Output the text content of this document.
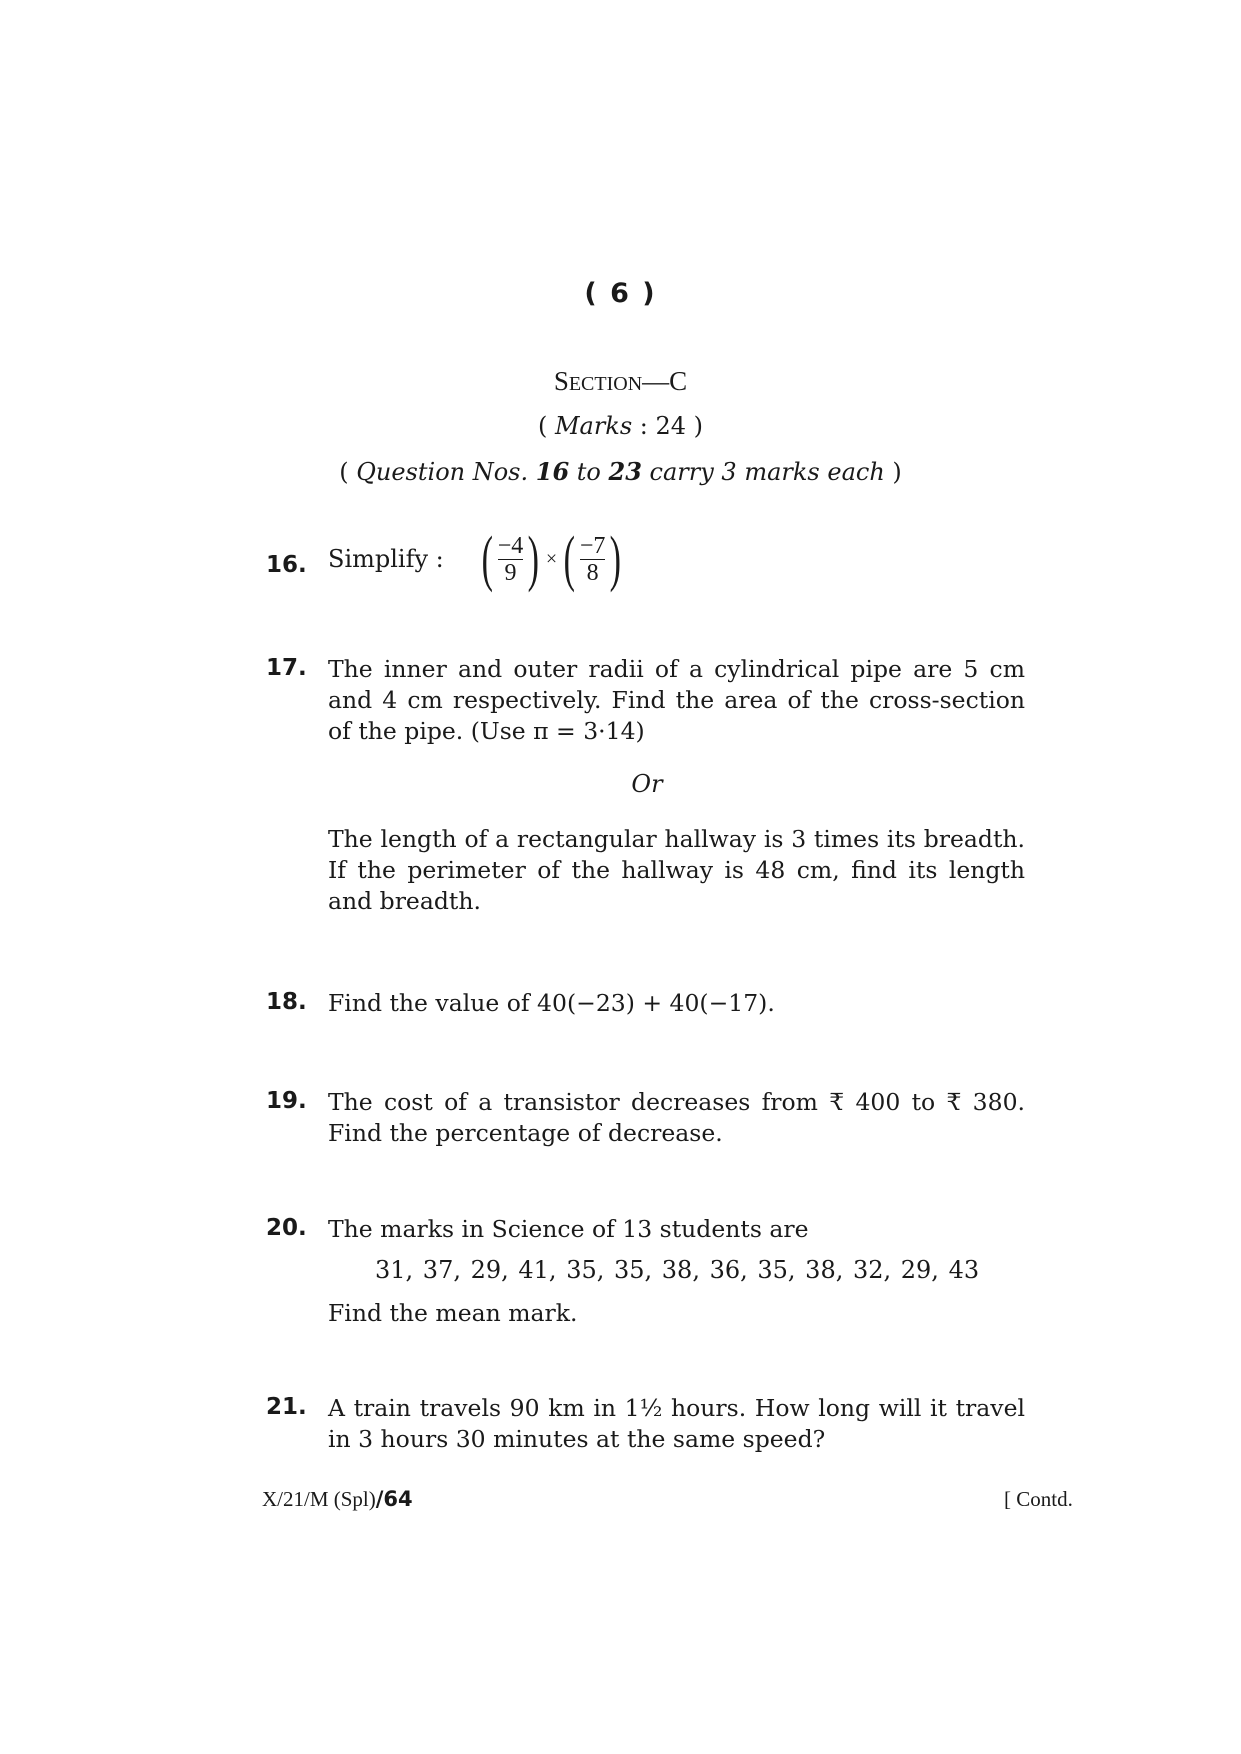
( 6 )
SECTION—C
( Marks : 24 )
( Question Nos. 16 to 23 carry 3 marks each )
16. Simplify : ( $\frac{-4}{9}$ ) × ( $\frac{-7}{8}$ )
17. The inner and outer radii of a cylindrical pipe are 5 cm and 4 cm respectively. Find the area of the cross-section of the pipe. (Use π = 3·14)
Or
The length of a rectangular hallway is 3 times its breadth. If the perimeter of the hallway is 48 cm, find its length and breadth.
18. Find the value of 40(−23) + 40(−17).
19. The cost of a transistor decreases from ₹ 400 to ₹ 380. Find the percentage of decrease.
20. The marks in Science of 13 students are
31, 37, 29, 41, 35, 35, 38, 36, 35, 38, 32, 29, 43
Find the mean mark.
21. A train travels 90 km in 1½ hours. How long will it travel in 3 hours 30 minutes at the same speed?
X/21/M (Spl)/64	[ Contd.
